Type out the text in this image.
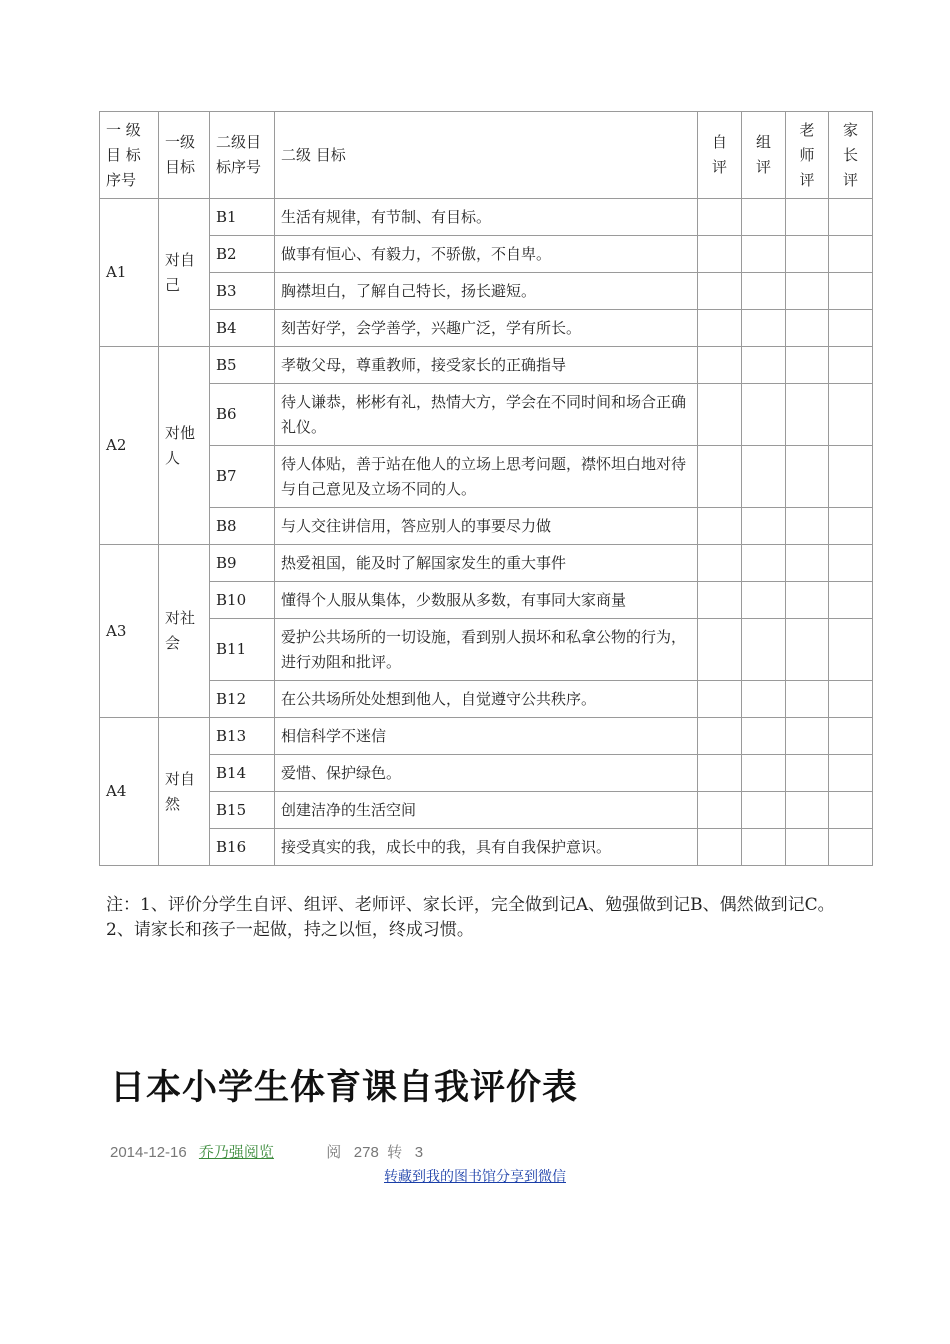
一 级 目 标 序号	一级 目标	二级目标序号	二级 目标	自 评	组 评	老 师 评	家 长 评
A1	对自己	B1	生活有规律，有节制、有目标。				
		B2	做事有恒心、有毅力，不骄傲，不自卑。				
		B3	胸襟坦白，了解自己特长，扬长避短。				
		B4	刻苦好学，会学善学，兴趣广泛，学有所长。				
A2	对他人	B5	孝敬父母，尊重教师，接受家长的正确指导				
		B6	待人谦恭，彬彬有礼，热情大方，学会在不同时间和场合正确礼仪。				
		B7	待人体贴，善于站在他人的立场上思考问题，襟怀坦白地对待与自己意见及立场不同的人。				
		B8	与人交往讲信用，答应别人的事要尽力做				
A3	对社会	B9	热爱祖国，能及时了解国家发生的重大事件				
		B10	懂得个人服从集体，少数服从多数，有事同大家商量				
		B11	爱护公共场所的一切设施，看到别人损坏和私拿公物的行为，进行劝阻和批评。				
		B12	在公共场所处处想到他人，自觉遵守公共秩序。				
A4	对自然	B13	相信科学不迷信				
		B14	爱惜、保护绿色。				
		B15	创建洁净的生活空间				
		B16	接受真实的我，成长中的我，具有自我保护意识。				
注：1、评价分学生自评、组评、老师评、家长评，完全做到记A、勉强做到记B、偶然做到记C。2、请家长和孩子一起做，持之以恒，终成习惯。
日本小学生体育课自我评价表
2014-12-16 乔乃强阅览	阅 278 转 3
转藏到我的图书馆分享到微信
